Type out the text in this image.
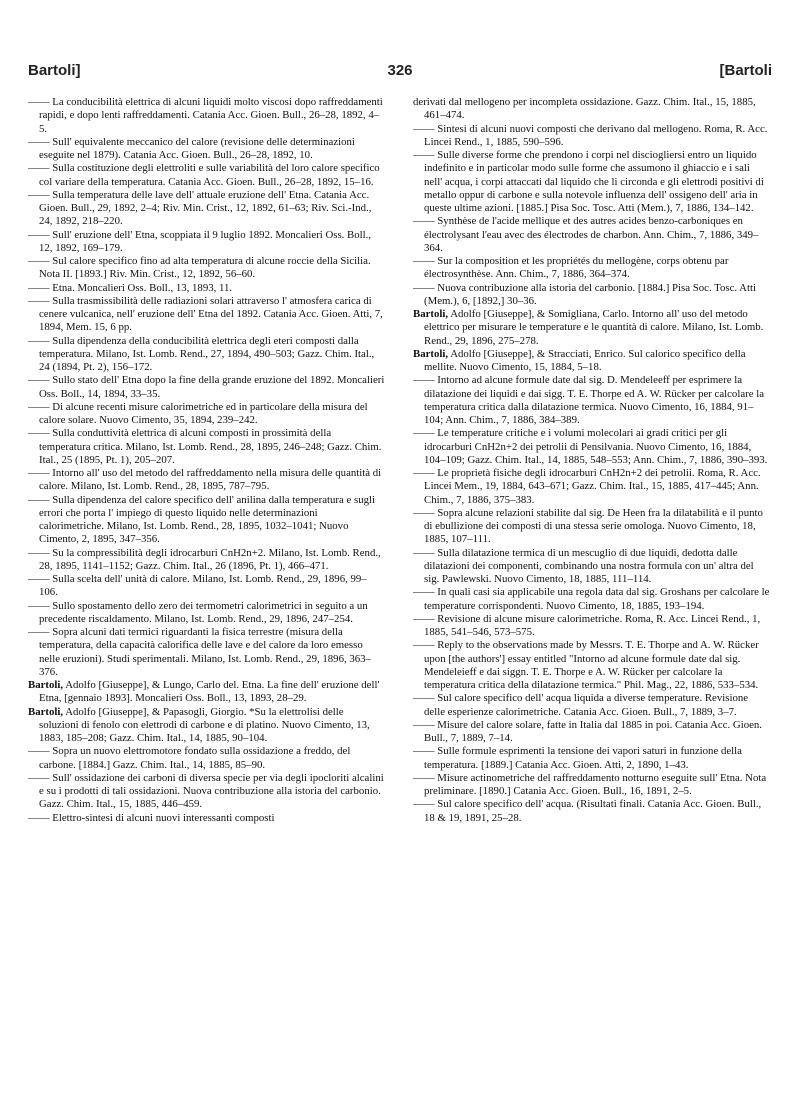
Bartoli]	326	[Bartoli

—— La conducibilità elettrica di alcuni liquidi molto viscosi dopo raffreddamenti rapidi, e dopo lenti raffreddamenti. Catania Acc. Gioen. Bull., 26–28, 1892, 4–5.

—— Sull' equivalente meccanico del calore (revisione delle determinazioni eseguite nel 1879). Catania Acc. Gioen. Bull., 26–28, 1892, 10.

—— Sulla costituzione degli elettroliti e sulle variabilità del loro calore specifico col variare della temperatura. Catania Acc. Gioen. Bull., 26–28, 1892, 15–16.

—— Sulla temperatura delle lave dell' attuale eruzione dell' Etna. Catania Acc. Gioen. Bull., 29, 1892, 2–4; Riv. Min. Crist., 12, 1892, 61–63; Riv. Sci.-Ind., 24, 1892, 218–220.

—— Sull' eruzione dell' Etna, scoppiata il 9 luglio 1892. Moncalieri Oss. Boll., 12, 1892, 169–179.

—— Sul calore specifico fino ad alta temperatura di alcune roccie della Sicilia. Nota II. [1893.] Riv. Min. Crist., 12, 1892, 56–60.

—— Etna. Moncalieri Oss. Boll., 13, 1893, 11.

—— Sulla trasmissibilità delle radiazioni solari attraverso l' atmosfera carica di cenere vulcanica, nell' eruzione dell' Etna del 1892. Catania Acc. Gioen. Atti, 7, 1894, Mem. 15, 6 pp.

—— Sulla dipendenza della conducibilità elettrica degli eteri composti dalla temperatura. Milano, Ist. Lomb. Rend., 27, 1894, 490–503; Gazz. Chim. Ital., 24 (1894, Pt. 2), 156–172.

—— Sullo stato dell' Etna dopo la fine della grande eruzione del 1892. Moncalieri Oss. Boll., 14, 1894, 33–35.

—— Di alcune recenti misure calorimetriche ed in particolare della misura del calore solare. Nuovo Cimento, 35, 1894, 239–242.

—— Sulla conduttività elettrica di alcuni composti in prossimità della temperatura critica. Milano, Ist. Lomb. Rend., 28, 1895, 246–248; Gazz. Chim. Ital., 25 (1895, Pt. 1), 205–207.

—— Intorno all' uso del metodo del raffreddamento nella misura delle quantità di calore. Milano, Ist. Lomb. Rend., 28, 1895, 787–795.

—— Sulla dipendenza del calore specifico dell' anilina dalla temperatura e sugli errori che porta l' impiego di questo liquido nelle determinazioni calorimetriche. Milano, Ist. Lomb. Rend., 28, 1895, 1032–1041; Nuovo Cimento, 2, 1895, 347–356.

—— Su la compressibilità degli idrocarburi CnH2n+2. Milano, Ist. Lomb. Rend., 28, 1895, 1141–1152; Gazz. Chim. Ital., 26 (1896, Pt. 1), 466–471.

—— Sulla scelta dell' unità di calore. Milano, Ist. Lomb. Rend., 29, 1896, 99–106.

—— Sullo spostamento dello zero dei termometri calorimetrici in seguito a un precedente riscaldamento. Milano, Ist. Lomb. Rend., 29, 1896, 247–254.

—— Sopra alcuni dati termici riguardanti la fisica terrestre (misura della temperatura, della capacità calorifica delle lave e del calore da loro emesso nelle eruzioni). Studi sperimentali. Milano, Ist. Lomb. Rend., 29, 1896, 363–376.

Bartoli, Adolfo [Giuseppe], & Lungo, Carlo del. Etna. La fine dell' eruzione dell' Etna, [gennaio 1893]. Moncalieri Oss. Boll., 13, 1893, 28–29.

Bartoli, Adolfo [Giuseppe], & Papasogli, Giorgio. *Su la elettrolisi delle soluzioni di fenolo con elettrodi di carbone e di platino. Nuovo Cimento, 13, 1883, 185–208; Gazz. Chim. Ital., 14, 1885, 90–104.

—— Sopra un nuovo elettromotore fondato sulla ossidazione a freddo, del carbone. [1884.] Gazz. Chim. Ital., 14, 1885, 85–90.

—— Sull' ossidazione dei carboni di diversa specie per via degli ipocloriti alcalini e su i prodotti di tali ossidazioni. Nuova contribuzione alla istoria del carbonio. Gazz. Chim. Ital., 15, 1885, 446–459.

—— Elettro-sintesi di alcuni nuovi interessanti composti

derivati dal mellogeno per incompleta ossidazione. Gazz. Chim. Ital., 15, 1885, 461–474.

—— Sintesi di alcuni nuovi composti che derivano dal mellogeno. Roma, R. Acc. Lincei Rend., 1, 1885, 590–596.

—— Sulle diverse forme che prendono i corpi nel disciogliersi entro un liquido indefinito e in particolar modo sulle forme che assumono il ghiaccio e i sali nell' acqua, i corpi attaccati dal liquido che li circonda e gli elettrodi positivi di metallo oppur di carbone e sulla notevole influenza dell' ossigeno dell' aria in queste ultime azioni. [1885.] Pisa Soc. Tosc. Atti (Mem.), 7, 1886, 134–142.

—— Synthèse de l'acide mellique et des autres acides benzo-carboniques en électrolysant l'eau avec des électrodes de charbon. Ann. Chim., 7, 1886, 349–364.

—— Sur la composition et les propriétés du mellogène, corps obtenu par électrosynthèse. Ann. Chim., 7, 1886, 364–374.

—— Nuova contribuzione alla istoria del carbonio. [1884.] Pisa Soc. Tosc. Atti (Mem.), 6, [1892,] 30–36.

Bartoli, Adolfo [Giuseppe], & Somigliana, Carlo. Intorno all' uso del metodo elettrico per misurare le temperature e le quantità di calore. Milano, Ist. Lomb. Rend., 29, 1896, 275–278.

Bartoli, Adolfo [Giuseppe], & Stracciati, Enrico. Sul calorico specifico della mellite. Nuovo Cimento, 15, 1884, 5–18.

—— Intorno ad alcune formule date dal sig. D. Mendeleeff per esprimere la dilatazione dei liquidi e dai sigg. T. E. Thorpe ed A. W. Rücker per calcolare la temperatura critica dalla dilatazione termica. Nuovo Cimento, 16, 1884, 91–104; Ann. Chim., 7, 1886, 384–389.

—— Le temperature critiche e i volumi molecolari ai gradi critici per gli idrocarburi CnH2n+2 dei petrolii di Pensilvania. Nuovo Cimento, 16, 1884, 104–109; Gazz. Chim. Ital., 14, 1885, 548–553; Ann. Chim., 7, 1886, 390–393.

—— Le proprietà fisiche degli idrocarburi CnH2n+2 dei petrolii. Roma, R. Acc. Lincei Mem., 19, 1884, 643–671; Gazz. Chim. Ital., 15, 1885, 417–445; Ann. Chim., 7, 1886, 375–383.

—— Sopra alcune relazioni stabilite dal sig. De Heen fra la dilatabilità e il punto di ebullizione dei composti di una stessa serie omologa. Nuovo Cimento, 18, 1885, 107–111.

—— Sulla dilatazione termica di un mescuglio di due liquidi, dedotta dalle dilatazioni dei componenti, combinando una nostra formula con un' altra del sig. Pawlewski. Nuovo Cimento, 18, 1885, 111–114.

—— In quali casi sia applicabile una regola data dal sig. Groshans per calcolare le temperature corrispondenti. Nuovo Cimento, 18, 1885, 193–194.

—— Revisione di alcune misure calorimetriche. Roma, R. Acc. Lincei Rend., 1, 1885, 541–546, 573–575.

—— Reply to the observations made by Messrs. T. E. Thorpe and A. W. Rücker upon [the authors'] essay entitled "Intorno ad alcune formule date dal sig. Mendeleieff e dai siggn. T. E. Thorpe e A. W. Rücker per calcolare la temperatura critica della dilatazione termica." Phil. Mag., 22, 1886, 533–534.

—— Sul calore specifico dell' acqua liquida a diverse temperature. Revisione delle esperienze calorimetriche. Catania Acc. Gioen. Bull., 7, 1889, 3–7.

—— Misure del calore solare, fatte in Italia dal 1885 in poi. Catania Acc. Gioen. Bull., 7, 1889, 7–14.

—— Sulle formule esprimenti la tensione dei vapori saturi in funzione della temperatura. [1889.] Catania Acc. Gioen. Atti, 2, 1890, 1–43.

—— Misure actinometriche del raffreddamento notturno eseguite sull' Etna. Nota preliminare. [1890.] Catania Acc. Gioen. Bull., 16, 1891, 2–5.

—— Sul calore specifico dell' acqua. (Risultati finali. Catania Acc. Gioen. Bull., 18 & 19, 1891, 25–28.
